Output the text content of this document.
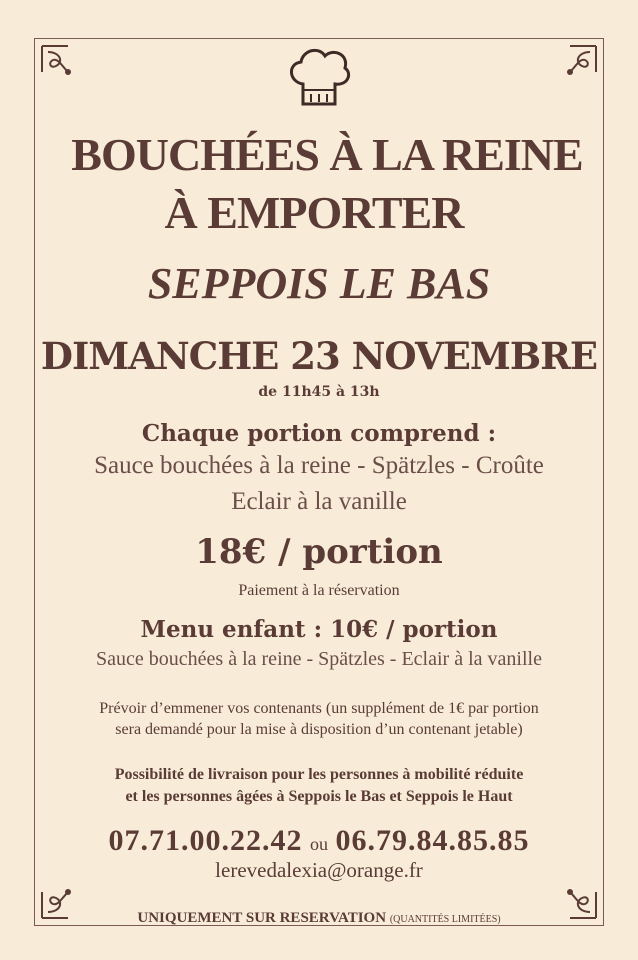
BOUCHÉES À LA REINE

À EMPORTER

SEPPOIS LE BAS

DIMANCHE 23 NOVEMBRE

de 11h45 à 13h

Chaque portion comprend :

Sauce bouchées à la reine - Spätzles - Croûte

Eclair à la vanille

18€ / portion

Paiement à la réservation

Menu enfant : 10€ / portion

Sauce bouchées à la reine - Spätzles - Eclair à la vanille

Prévoir d’emmener vos contenants (un supplément de 1€ par portion

sera demandé pour la mise à disposition d’un contenant jetable)

Possibilité de livraison pour les personnes à mobilité réduite

et les personnes âgées à Seppois le Bas et Seppois le Haut

07.71.00.22.42 ou 06.79.84.85.85

lerevedalexia@orange.fr

UNIQUEMENT SUR RESERVATION (QUANTITÉS LIMITÉES)
